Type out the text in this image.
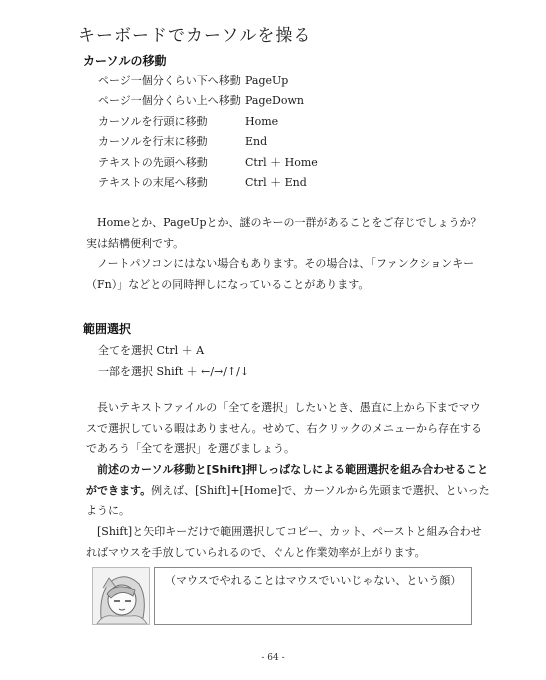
キーボードでカーソルを操る
カーソルの移動
ページ一個分くらい下へ移動 PageUp
ページ一個分くらい上へ移動 PageDown
カーソルを行頭に移動	Home
カーソルを行末に移動	End
テキストの先頭へ移動	Ctrl ＋ Home
テキストの末尾へ移動	Ctrl ＋ End
　Homeとか、PageUpとか、謎のキーの一群があることをご存じでしょうか？
実は結構便利です。
　ノートパソコンにはない場合もあります。その場合は、「ファンクションキー
（Fn）」などとの同時押しになっていることがあります。
範囲選択
全てを選択 Ctrl ＋ A
一部を選択 Shift ＋ ←/→/↑/↓
　長いテキストファイルの「全てを選択」したいとき、愚直に上から下までマウ
スで選択している暇はありません。せめて、右クリックのメニューから存在する
であろう「全てを選択」を選びましょう。
　前述のカーソル移動と[Shift]押しっぱなしによる範囲選択を組み合わせること
ができます。例えば、[Shift]+[Home]で、カーソルから先頭まで選択、といった
ように。
　[Shift]と矢印キーだけで範囲選択してコピー、カット、ペーストと組み合わせ
ればマウスを手放していられるので、ぐんと作業効率が上がります。
（マウスでやれることはマウスでいいじゃない、という顔）
- 64 -
